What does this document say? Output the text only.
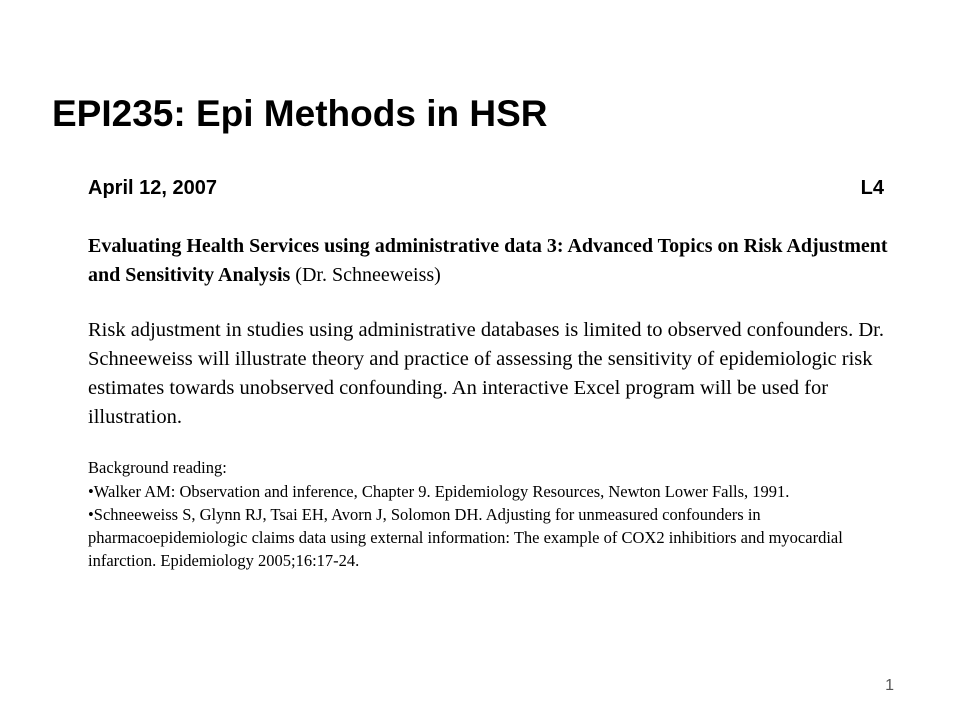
EPI235: Epi Methods in HSR
April 12, 2007	L4
Evaluating Health Services using administrative data 3: Advanced Topics on Risk Adjustment and Sensitivity Analysis (Dr. Schneeweiss)
Risk adjustment in studies using administrative databases is limited to observed confounders. Dr. Schneeweiss will illustrate theory and practice of assessing the sensitivity of epidemiologic risk estimates towards unobserved confounding. An interactive Excel program will be used for illustration.
Background reading:
•Walker AM: Observation and inference, Chapter 9. Epidemiology Resources, Newton Lower Falls, 1991.
•Schneeweiss S, Glynn RJ, Tsai EH, Avorn J, Solomon DH. Adjusting for unmeasured confounders in pharmacoepidemiologic claims data using external information: The example of COX2 inhibitiors and myocardial infarction. Epidemiology 2005;16:17-24.
1
